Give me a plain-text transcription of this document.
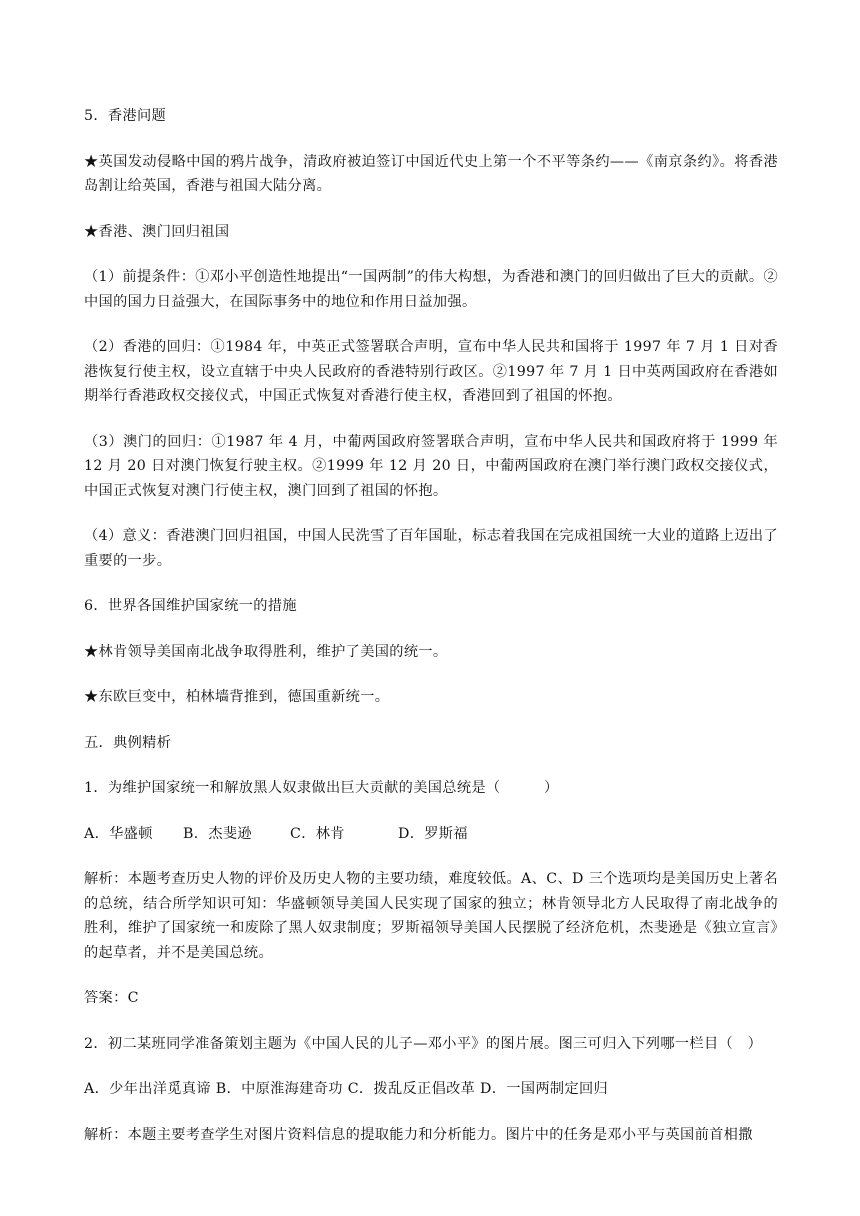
5．香港问题

★英国发动侵略中国的鸦片战争，清政府被迫签订中国近代史上第一个不平等条约——《南京条约》。将香港岛割让给英国，香港与祖国大陆分离。

★香港、澳门回归祖国

（1）前提条件：①邓小平创造性地提出“一国两制”的伟大构想，为香港和澳门的回归做出了巨大的贡献。②中国的国力日益强大，在国际事务中的地位和作用日益加强。

（2）香港的回归：①1984 年，中英正式签署联合声明，宣布中华人民共和国将于 1997 年 7 月 1 日对香港恢复行使主权，设立直辖于中央人民政府的香港特别行政区。②1997 年 7 月 1 日中英两国政府在香港如期举行香港政权交接仪式，中国正式恢复对香港行使主权，香港回到了祖国的怀抱。

（3）澳门的回归：①1987 年 4 月，中葡两国政府签署联合声明，宣布中华人民共和国政府将于 1999 年 12 月 20 日对澳门恢复行驶主权。②1999 年 12 月 20 日，中葡两国政府在澳门举行澳门政权交接仪式，中国正式恢复对澳门行使主权，澳门回到了祖国的怀抱。

（4）意义：香港澳门回归祖国，中国人民洗雪了百年国耻，标志着我国在完成祖国统一大业的道路上迈出了重要的一步。

6．世界各国维护国家统一的措施

★林肯领导美国南北战争取得胜利，维护了美国的统一。

★东欧巨变中，柏林墙背推到，德国重新统一。

五．典例精析

1．为维护国家统一和解放黑人奴隶做出巨大贡献的美国总统是（　　　）

A．华盛顿	B．杰斐逊	C．林肯	D．罗斯福

解析：本题考查历史人物的评价及历史人物的主要功绩，难度较低。A、C、D 三个选项均是美国历史上著名的总统，结合所学知识可知：华盛顿领导美国人民实现了国家的独立；林肯领导北方人民取得了南北战争的胜利，维护了国家统一和废除了黑人奴隶制度；罗斯福领导美国人民摆脱了经济危机，杰斐逊是《独立宣言》的起草者，并不是美国总统。

答案：C

2．初二某班同学准备策划主题为《中国人民的儿子—邓小平》的图片展。图三可归入下列哪一栏目（　）

A．少年出洋觅真谛 B．中原淮海建奇功 C．拨乱反正倡改革 D．一国两制定回归

解析：本题主要考查学生对图片资料信息的提取能力和分析能力。图片中的任务是邓小平与英国前首相撒
